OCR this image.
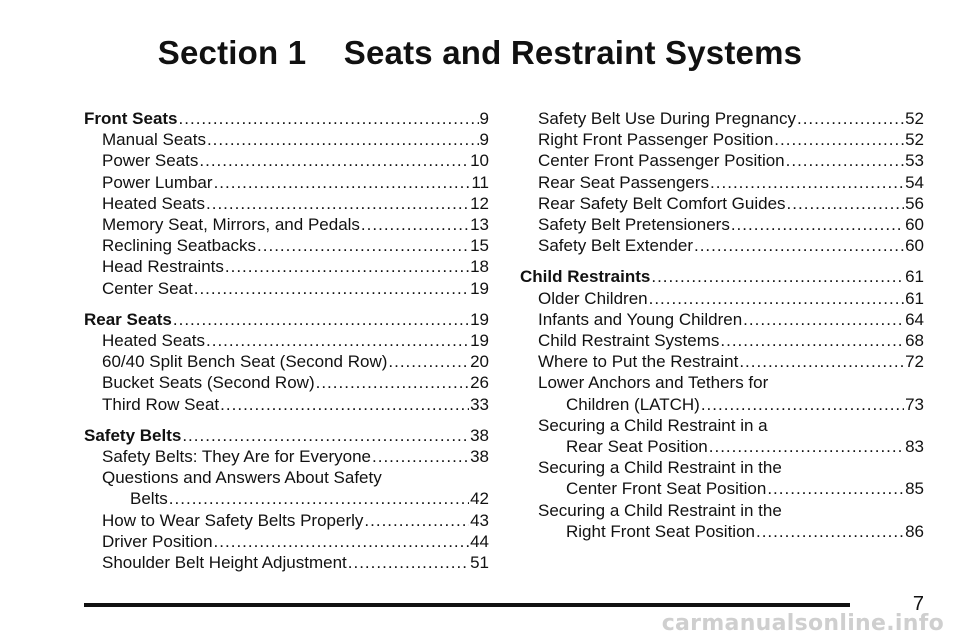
Section 1    Seats and Restraint Systems
Front Seats .....	9
Manual Seats .....	9
Power Seats .....	10
Power Lumbar .....	11
Heated Seats .....	12
Memory Seat, Mirrors, and Pedals .....	13
Reclining Seatbacks .....	15
Head Restraints .....	18
Center Seat .....	19
Rear Seats .....	19
Heated Seats .....	19
60/40 Split Bench Seat (Second Row) .....	20
Bucket Seats (Second Row) .....	26
Third Row Seat .....	33
Safety Belts .....	38
Safety Belts: They Are for Everyone .....	38
Questions and Answers About Safety
Belts .....	42
How to Wear Safety Belts Properly .....	43
Driver Position .....	44
Shoulder Belt Height Adjustment .....	51
Safety Belt Use During Pregnancy .....	52
Right Front Passenger Position .....	52
Center Front Passenger Position .....	53
Rear Seat Passengers .....	54
Rear Safety Belt Comfort Guides .....	56
Safety Belt Pretensioners .....	60
Safety Belt Extender .....	60
Child Restraints .....	61
Older Children .....	61
Infants and Young Children .....	64
Child Restraint Systems .....	68
Where to Put the Restraint .....	72
Lower Anchors and Tethers for
Children (LATCH) .....	73
Securing a Child Restraint in a
Rear Seat Position .....	83
Securing a Child Restraint in the
Center Front Seat Position .....	85
Securing a Child Restraint in the
Right Front Seat Position .....	86
7
carmanualsonline.info
